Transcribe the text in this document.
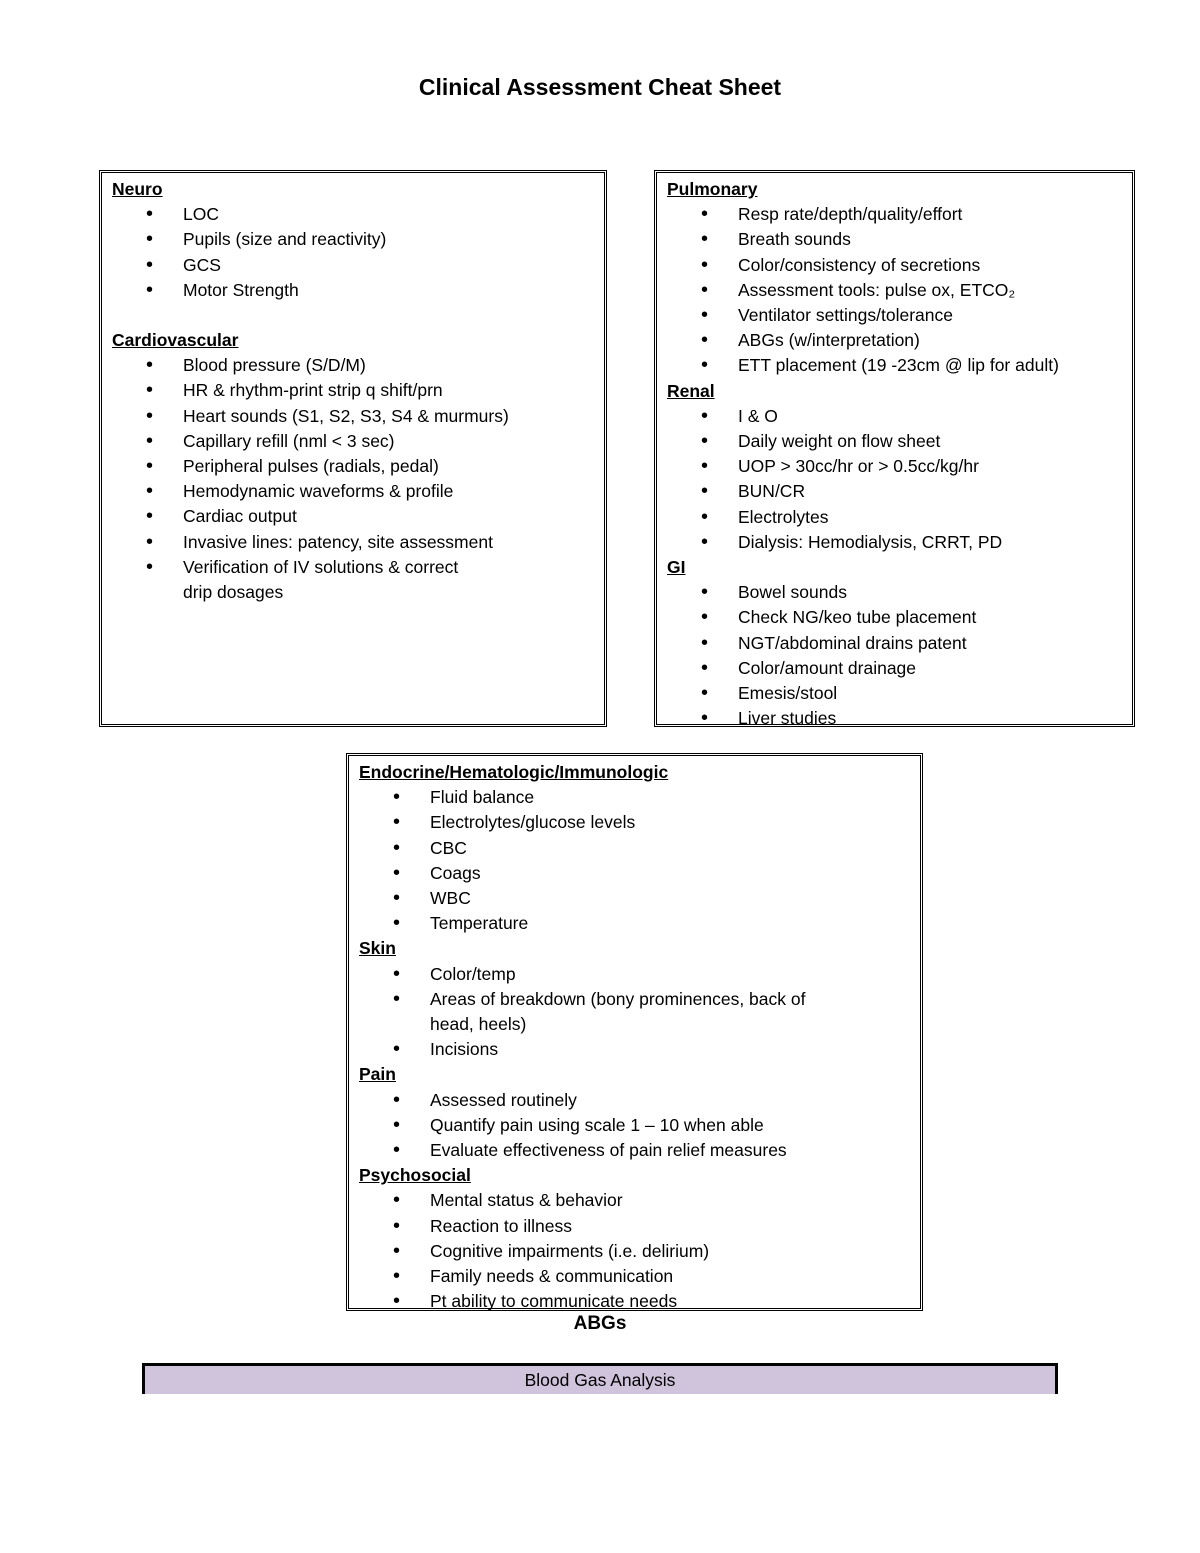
Clinical Assessment Cheat Sheet
Neuro
• LOC
• Pupils (size and reactivity)
• GCS
• Motor Strength
Cardiovascular
• Blood pressure (S/D/M)
• HR & rhythm-print strip q shift/prn
• Heart sounds (S1, S2, S3, S4 & murmurs)
• Capillary refill (nml < 3 sec)
• Peripheral pulses (radials, pedal)
• Hemodynamic waveforms & profile
• Cardiac output
• Invasive lines: patency, site assessment
• Verification of IV solutions & correct drip dosages
Pulmonary
• Resp rate/depth/quality/effort
• Breath sounds
• Color/consistency of secretions
• Assessment tools: pulse ox, ETCO₂
• Ventilator settings/tolerance
• ABGs (w/interpretation)
• ETT placement (19 -23cm @ lip for adult)
Renal
• I & O
• Daily weight on flow sheet
• UOP > 30cc/hr or > 0.5cc/kg/hr
• BUN/CR
• Electrolytes
• Dialysis: Hemodialysis, CRRT, PD
GI
• Bowel sounds
• Check NG/keo tube placement
• NGT/abdominal drains patent
• Color/amount drainage
• Emesis/stool
• Liver studies
Endocrine/Hematologic/Immunologic
• Fluid balance
• Electrolytes/glucose levels
• CBC
• Coags
• WBC
• Temperature
Skin
• Color/temp
• Areas of breakdown (bony prominences, back of head, heels)
• Incisions
Pain
• Assessed routinely
• Quantify pain using scale 1 – 10 when able
• Evaluate effectiveness of pain relief measures
Psychosocial
• Mental status & behavior
• Reaction to illness
• Cognitive impairments (i.e. delirium)
• Family needs & communication
• Pt ability to communicate needs
ABGs
Blood Gas Analysis
